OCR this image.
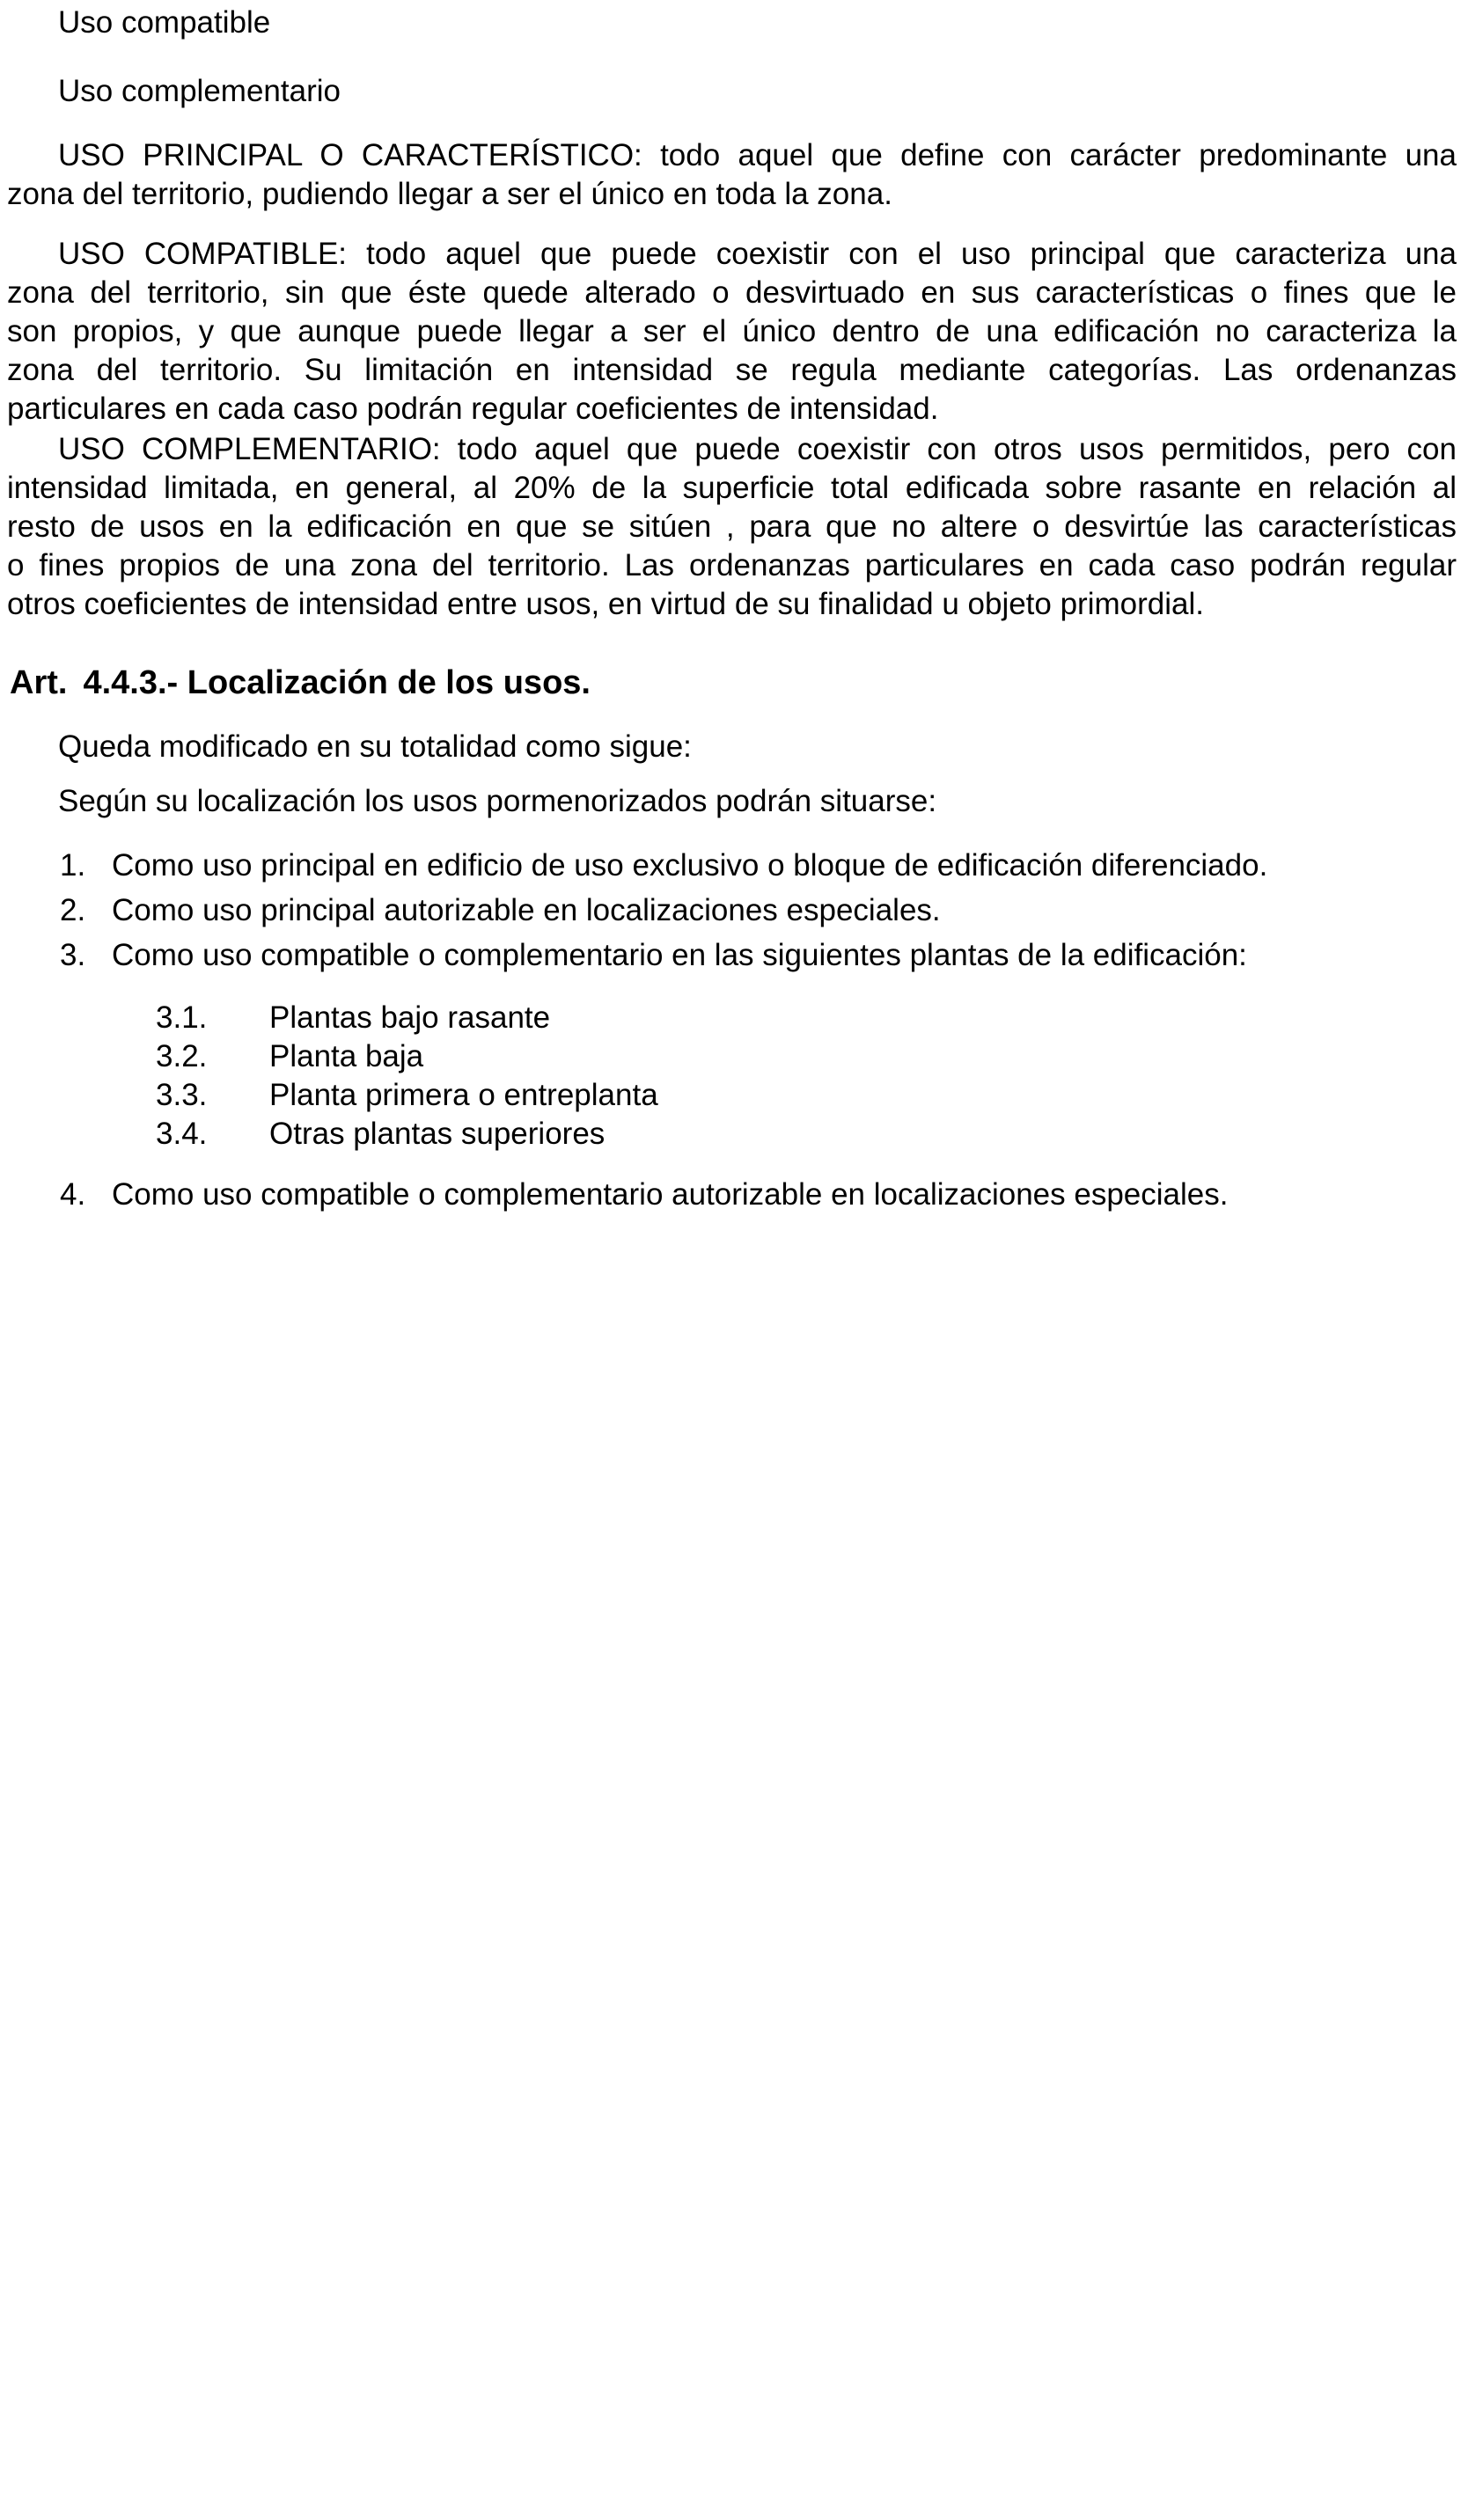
Uso compatible
Uso complementario
USO PRINCIPAL O CARACTERÍSTICO: todo aquel que define con carácter predominante una
zona del territorio, pudiendo llegar a ser el único en toda la zona.
USO COMPATIBLE: todo aquel que puede coexistir con el uso principal que caracteriza una
zona del territorio, sin que éste quede alterado o desvirtuado en sus características o fines que le
son propios, y que aunque puede llegar a ser el único dentro de una edificación no caracteriza la
zona del territorio. Su limitación en intensidad se regula mediante categorías. Las ordenanzas
particulares en cada caso podrán regular coeficientes de intensidad.
USO COMPLEMENTARIO: todo aquel que puede coexistir con otros usos permitidos, pero con
intensidad limitada, en general, al 20% de la superficie total edificada sobre rasante en relación al
resto de usos en la edificación en que se sitúen , para que no altere o desvirtúe las características
o fines propios de una zona del territorio. Las ordenanzas particulares en cada caso podrán regular
otros coeficientes de intensidad entre usos, en virtud de su finalidad u objeto primordial.
Art. 4.4.3.- Localización de los usos.
Queda modificado en su totalidad como sigue:
Según su localización los usos pormenorizados podrán situarse:
1. Como uso principal en edificio de uso exclusivo o bloque de edificación diferenciado.
2. Como uso principal autorizable en localizaciones especiales.
3. Como uso compatible o complementario en las siguientes plantas de la edificación:
3.1.	Plantas bajo rasante
3.2.	Planta baja
3.3.	Planta primera o entreplanta
3.4.	Otras plantas superiores
4. Como uso compatible o complementario autorizable en localizaciones especiales.
